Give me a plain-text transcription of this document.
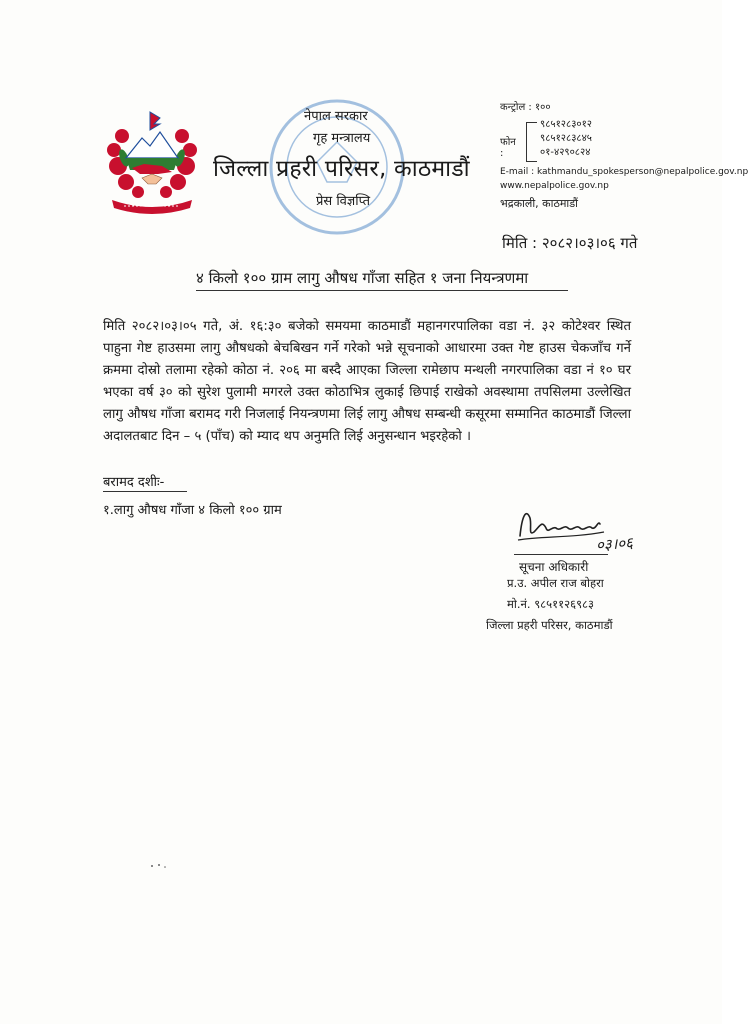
नेपाल सरकार
गृह मन्त्रालय
जिल्ला प्रहरी परिसर, काठमाडौं
प्रेस विज्ञप्ति
कन्ट्रोल : १००
फोन :
९८५१२८३०१२
९८५१२८३८४५
०१-४२९०८२४
E-mail : kathmandu_spokesperson@nepalpolice.gov.np
www.nepalpolice.gov.np
भद्रकाली, काठमाडौं
मिति : २०८२।०३।०६ गते
४ किलो १०० ग्राम लागु औषध गाँजा सहित १ जना नियन्त्रणमा
मिति २०८२।०३।०५ गते, अं. १६:३० बजेको समयमा काठमाडौं महानगरपालिका वडा नं. ३२ कोटेश्वर स्थित पाहुना गेष्ट हाउसमा लागु औषधको बेचबिखन गर्ने गरेको भन्ने सूचनाको आधारमा उक्त गेष्ट हाउस चेकजाँच गर्ने क्रममा दोस्रो तलामा रहेको कोठा नं. २०६ मा बस्दै आएका जिल्ला रामेछाप मन्थली नगरपालिका वडा नं १० घर भएका वर्ष ३० को सुरेश पुलामी मगरले उक्त कोठाभित्र लुकाई छिपाई राखेको अवस्थामा तपसिलमा उल्लेखित लागु औषध गाँजा बरामद गरी निजलाई नियन्त्रणमा लिई लागु औषध सम्बन्धी कसूरमा सम्मानित काठमाडौं जिल्ला अदालतबाट दिन – ५ (पाँच) को म्याद थप अनुमति लिई अनुसन्धान भइरहेको ।
बरामद दशीः-
१.लागु औषध गाँजा ४ किलो १०० ग्राम
०३।०६
सूचना अधिकारी
प्र.उ. अपील राज बोहरा
मो.नं. ९८५११२६९८३
जिल्ला प्रहरी परिसर, काठमाडौं
